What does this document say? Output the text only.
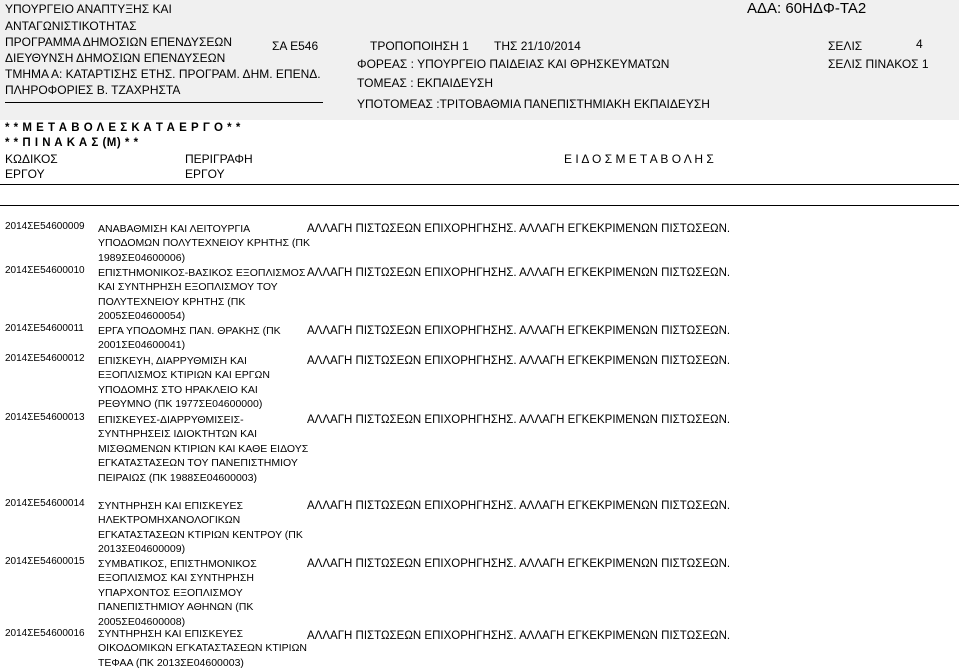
ΥΠΟΥΡΓΕΙΟ ΑΝΑΠΤΥΞΗΣ ΚΑΙ
ΑΝΤΑΓΩΝΙΣΤΙΚΟΤΗΤΑΣ
ΠΡΟΓΡΑΜΜΑ ΔΗΜΟΣΙΩΝ ΕΠΕΝΔΥΣΕΩΝ
ΔΙΕΥΘΥΝΣΗ ΔΗΜΟΣΙΩΝ ΕΠΕΝΔΥΣΕΩΝ
ΤΜΗΜΑ Α: ΚΑΤΑΡΤΙΣΗΣ ΕΤΗΣ. ΠΡΟΓΡΑΜ. ΔΗΜ. ΕΠΕΝΔ.
ΠΛΗΡΟΦΟΡΙΕΣ Β. ΤΖΑΧΡΗΣΤΑ
ΣΑ Ε546	ΤΡΟΠΟΠΟΙΗΣΗ 1 ΤΗΣ 21/10/2014
ΦΟΡΕΑΣ : ΥΠΟΥΡΓΕΙΟ ΠΑΙΔΕΙΑΣ ΚΑΙ ΘΡΗΣΚΕΥΜΑΤΩΝ
ΤΟΜΕΑΣ : ΕΚΠΑΙΔΕΥΣΗ
ΥΠΟΤΟΜΕΑΣ :ΤΡΙΤΟΒΑΘΜΙΑ ΠΑΝΕΠΙΣΤΗΜΙΑΚΗ ΕΚΠΑΙΔΕΥΣΗ
ΑΔΑ: 60ΗΔΦ-ΤΑ2
ΣΕΛΙΣ	4
ΣΕΛΙΣ ΠΙΝΑΚΟΣ 1
* * Μ Ε Τ Α Β Ο Λ Ε Σ Κ Α Τ Α Ε Ρ Γ Ο * *
* * Π Ι Ν Α Κ Α Σ (Μ) * *
ΚΩΔΙΚΟΣ
ΕΡΓΟΥ
ΠΕΡΙΓΡΑΦΗ
ΕΡΓΟΥ
Ε Ι Δ Ο Σ Μ Ε Τ Α Β Ο Λ Η Σ
2014ΣΕ54600009 ΑΝΑΒΑΘΜΙΣΗ ΚΑΙ ΛΕΙΤΟΥΡΓΙΑ ΥΠΟΔΟΜΩΝ ΠΟΛΥΤΕΧΝΕΙΟΥ ΚΡΗΤΗΣ (ΠΚ 1989ΣΕ04600006)
ΑΛΛΑΓΗ ΠΙΣΤΩΣΕΩΝ ΕΠΙΧΟΡΗΓΗΣΗΣ. ΑΛΛΑΓΗ ΕΓΚΕΚΡΙΜΕΝΩΝ ΠΙΣΤΩΣΕΩΝ.
2014ΣΕ54600010 ΕΠΙΣΤΗΜΟΝΙΚΟΣ-ΒΑΣΙΚΟΣ ΕΞΟΠΛΙΣΜΟΣ ΚΑΙ ΣΥΝΤΗΡΗΣΗ ΕΞΟΠΛΙΣΜΟΥ ΤΟΥ ΠΟΛΥΤΕΧΝΕΙΟΥ ΚΡΗΤΗΣ (ΠΚ 2005ΣΕ04600054)
ΑΛΛΑΓΗ ΠΙΣΤΩΣΕΩΝ ΕΠΙΧΟΡΗΓΗΣΗΣ. ΑΛΛΑΓΗ ΕΓΚΕΚΡΙΜΕΝΩΝ ΠΙΣΤΩΣΕΩΝ.
2014ΣΕ54600011 ΕΡΓΑ ΥΠΟΔΟΜΗΣ ΠΑΝ. ΘΡΑΚΗΣ (ΠΚ 2001ΣΕ04600041)
ΑΛΛΑΓΗ ΠΙΣΤΩΣΕΩΝ ΕΠΙΧΟΡΗΓΗΣΗΣ. ΑΛΛΑΓΗ ΕΓΚΕΚΡΙΜΕΝΩΝ ΠΙΣΤΩΣΕΩΝ.
2014ΣΕ54600012 ΕΠΙΣΚΕΥΗ, ΔΙΑΡΡΥΘΜΙΣΗ ΚΑΙ ΕΞΟΠΛΙΣΜΟΣ ΚΤΙΡΙΩΝ ΚΑΙ ΕΡΓΩΝ ΥΠΟΔΟΜΗΣ ΣΤΟ ΗΡΑΚΛΕΙΟ ΚΑΙ ΡΕΘΥΜΝΟ (ΠΚ 1977ΣΕ04600000)
ΑΛΛΑΓΗ ΠΙΣΤΩΣΕΩΝ ΕΠΙΧΟΡΗΓΗΣΗΣ. ΑΛΛΑΓΗ ΕΓΚΕΚΡΙΜΕΝΩΝ ΠΙΣΤΩΣΕΩΝ.
2014ΣΕ54600013 ΕΠΙΣΚΕΥΕΣ-ΔΙΑΡΡΥΘΜΙΣΕΙΣ-ΣΥΝΤΗΡΗΣΕΙΣ ΙΔΙΟΚΤΗΤΩΝ ΚΑΙ ΜΙΣΘΩΜΕΝΩΝ ΚΤΙΡΙΩΝ ΚΑΙ ΚΑΘΕ ΕΙΔΟΥΣ ΕΓΚΑΤΑΣΤΑΣΕΩΝ ΤΟΥ ΠΑΝΕΠΙΣΤΗΜΙΟΥ ΠΕΙΡΑΙΩΣ (ΠΚ 1988ΣΕ04600003)
ΑΛΛΑΓΗ ΠΙΣΤΩΣΕΩΝ ΕΠΙΧΟΡΗΓΗΣΗΣ. ΑΛΛΑΓΗ ΕΓΚΕΚΡΙΜΕΝΩΝ ΠΙΣΤΩΣΕΩΝ.
2014ΣΕ54600014 ΣΥΝΤΗΡΗΣΗ ΚΑΙ ΕΠΙΣΚΕΥΕΣ ΗΛΕΚΤΡΟΜΗΧΑΝΟΛΟΓΙΚΩΝ ΕΓΚΑΤΑΣΤΑΣΕΩΝ ΚΤΙΡΙΩΝ ΚΕΝΤΡΟΥ (ΠΚ 2013ΣΕ04600009)
ΑΛΛΑΓΗ ΠΙΣΤΩΣΕΩΝ ΕΠΙΧΟΡΗΓΗΣΗΣ. ΑΛΛΑΓΗ ΕΓΚΕΚΡΙΜΕΝΩΝ ΠΙΣΤΩΣΕΩΝ.
2014ΣΕ54600015 ΣΥΜΒΑΤΙΚΟΣ, ΕΠΙΣΤΗΜΟΝΙΚΟΣ ΕΞΟΠΛΙΣΜΟΣ ΚΑΙ ΣΥΝΤΗΡΗΣΗ ΥΠΑΡΧΟΝΤΟΣ ΕΞΟΠΛΙΣΜΟΥ ΠΑΝΕΠΙΣΤΗΜΙΟΥ ΑΘΗΝΩΝ (ΠΚ 2005ΣΕ04600008)
ΑΛΛΑΓΗ ΠΙΣΤΩΣΕΩΝ ΕΠΙΧΟΡΗΓΗΣΗΣ. ΑΛΛΑΓΗ ΕΓΚΕΚΡΙΜΕΝΩΝ ΠΙΣΤΩΣΕΩΝ.
2014ΣΕ54600016 ΣΥΝΤΗΡΗΣΗ ΚΑΙ ΕΠΙΣΚΕΥΕΣ ΟΙΚΟΔΟΜΙΚΩΝ ΕΓΚΑΤΑΣΤΑΣΕΩΝ ΚΤΙΡΙΩΝ ΤΕΦΑΑ (ΠΚ 2013ΣΕ04600003)
ΑΛΛΑΓΗ ΠΙΣΤΩΣΕΩΝ ΕΠΙΧΟΡΗΓΗΣΗΣ. ΑΛΛΑΓΗ ΕΓΚΕΚΡΙΜΕΝΩΝ ΠΙΣΤΩΣΕΩΝ.
